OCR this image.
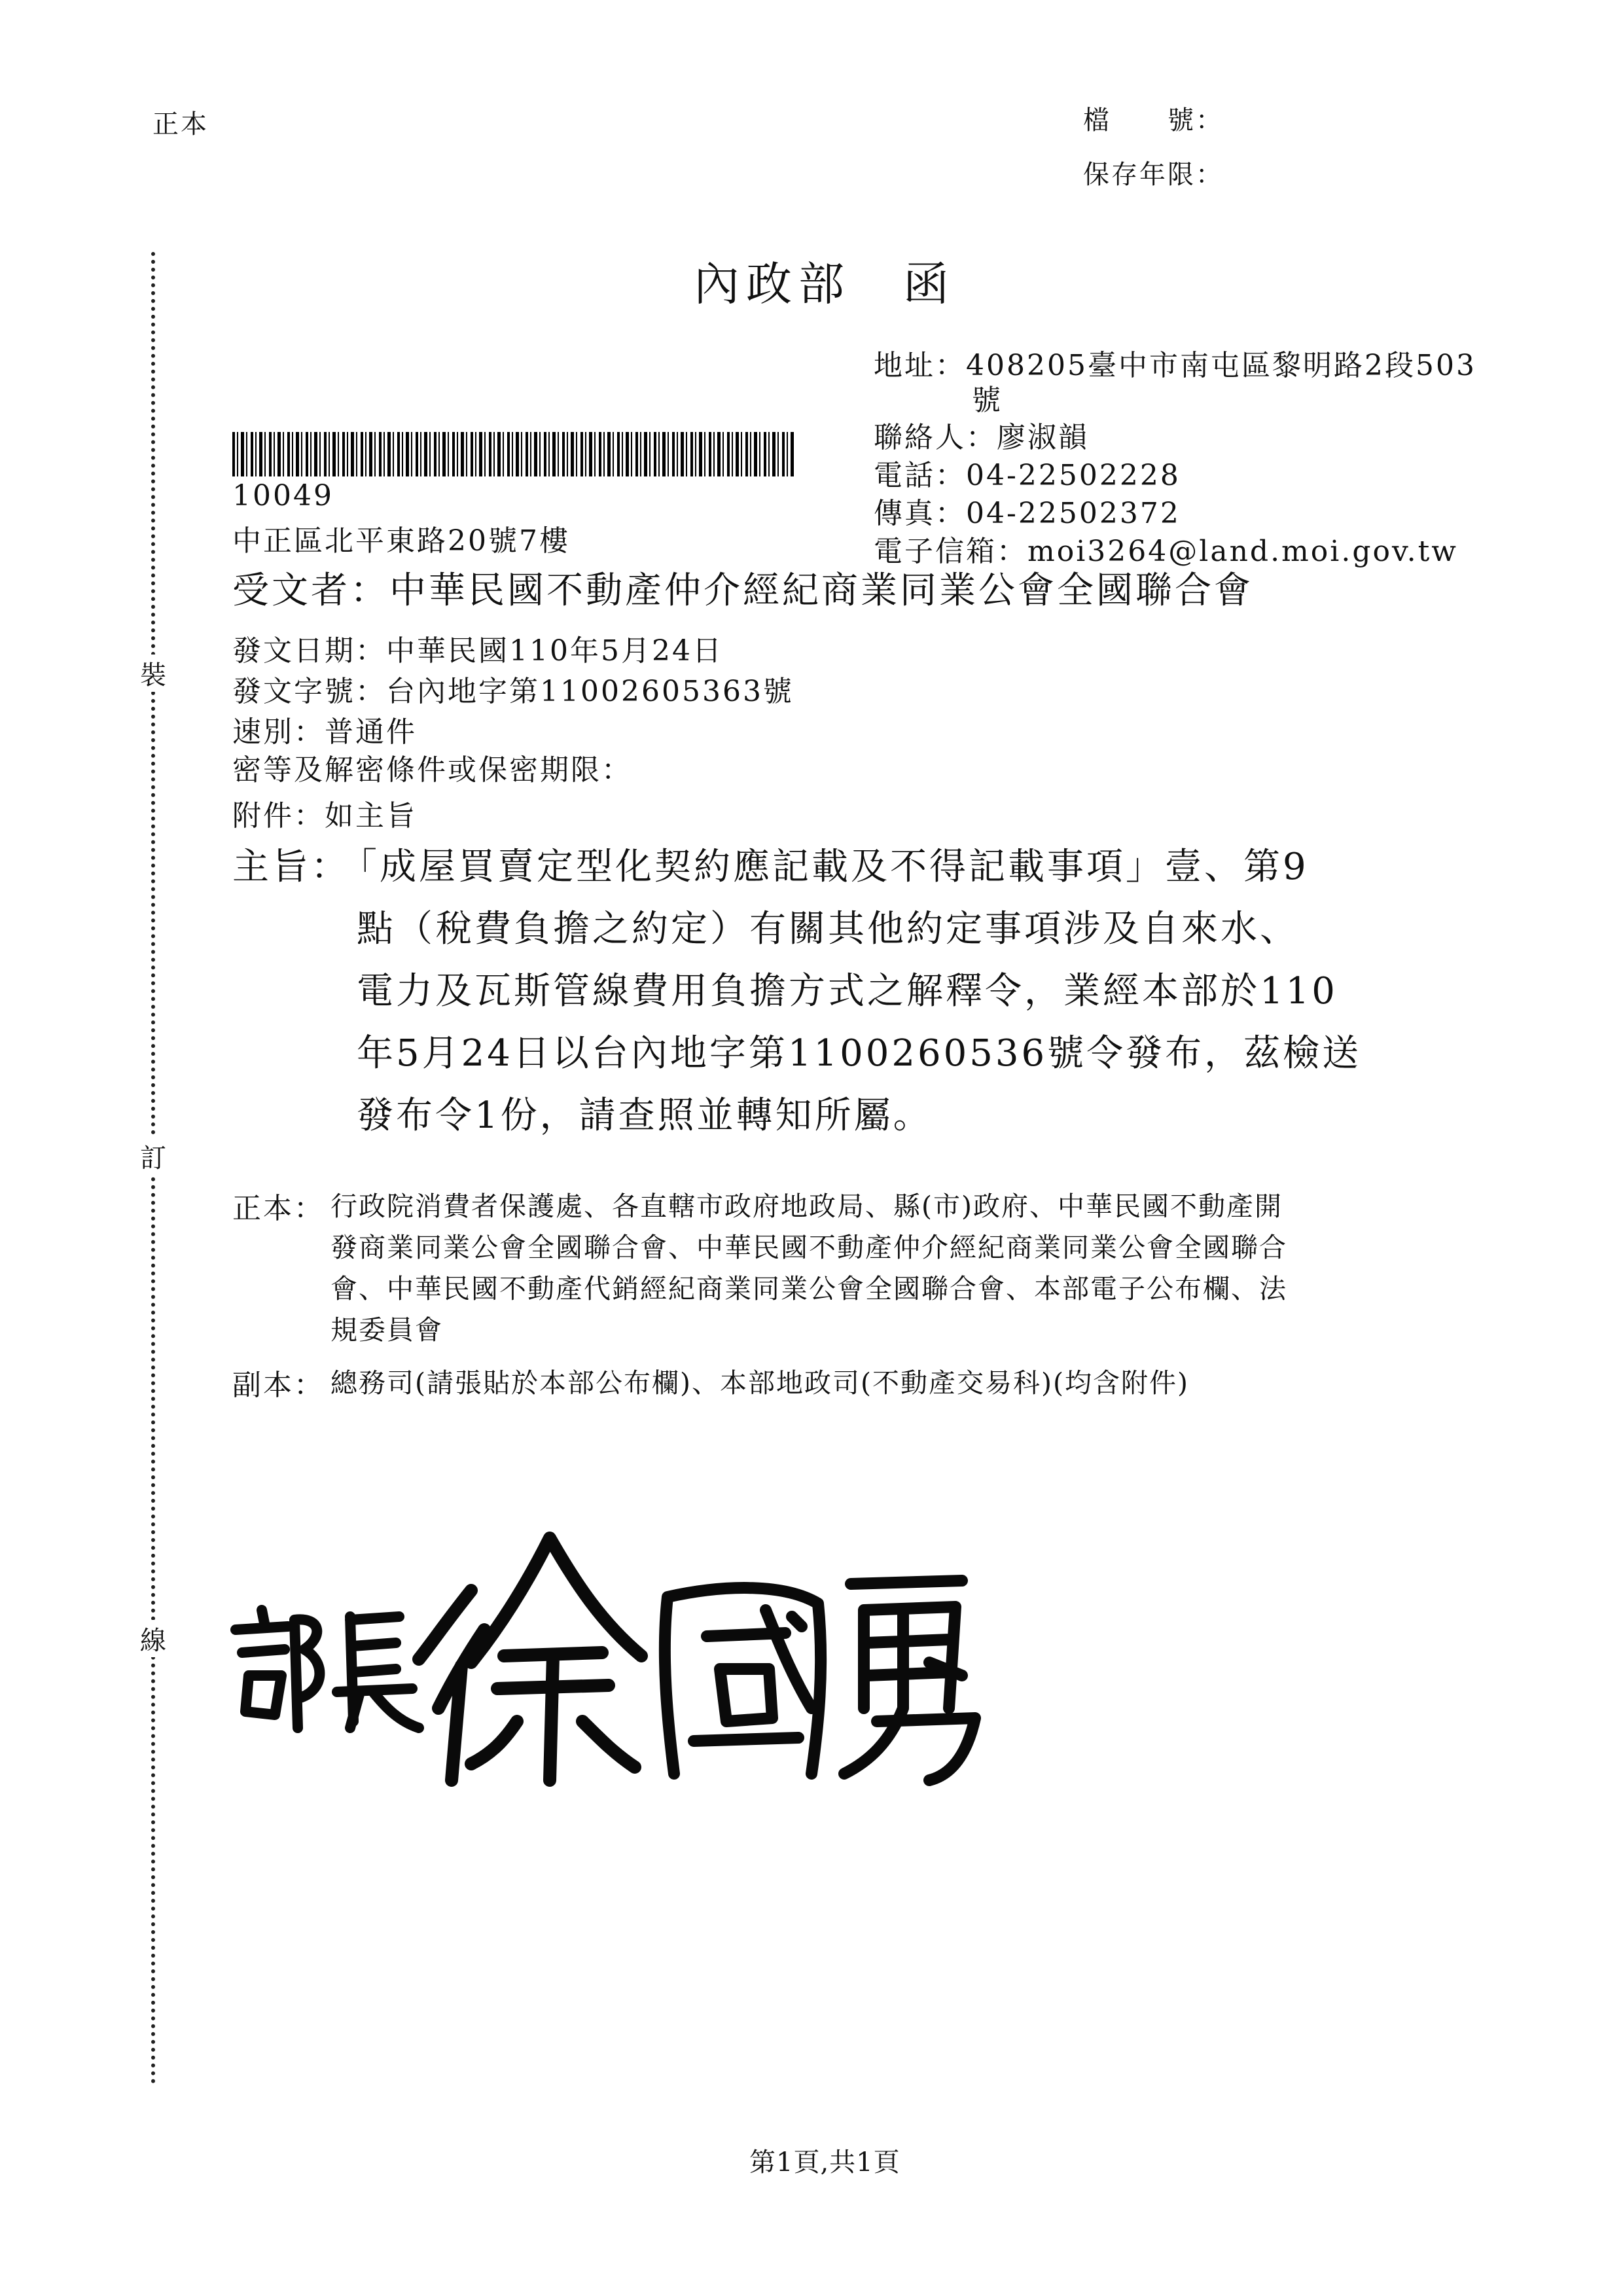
裝
訂
線
正本	檔　　號：
保存年限：
內政部　函
地址：408205臺中市南屯區黎明路2段503
號
聯絡人：廖淑韻
電話：04-22502228
傳真：04-22502372
電子信箱：moi3264@land.moi.gov.tw
10049
中正區北平東路20號7樓
受文者：中華民國不動產仲介經紀商業同業公會全國聯合會
發文日期：中華民國110年5月24日
發文字號：台內地字第11002605363號
速別：普通件
密等及解密條件或保密期限：
附件：如主旨
主旨：
「成屋買賣定型化契約應記載及不得記載事項」壹、第9
點（稅費負擔之約定）有關其他約定事項涉及自來水、
電力及瓦斯管線費用負擔方式之解釋令，業經本部於110
年5月24日以台內地字第1100260536號令發布，茲檢送
發布令1份，請查照並轉知所屬。
正本： 行政院消費者保護處、各直轄市政府地政局、縣(市)政府、中華民國不動產開
發商業同業公會全國聯合會、中華民國不動產仲介經紀商業同業公會全國聯合
會、中華民國不動產代銷經紀商業同業公會全國聯合會、本部電子公布欄、法
規委員會
副本： 總務司(請張貼於本部公布欄)、本部地政司(不動產交易科)(均含附件)
第1頁,共1頁
